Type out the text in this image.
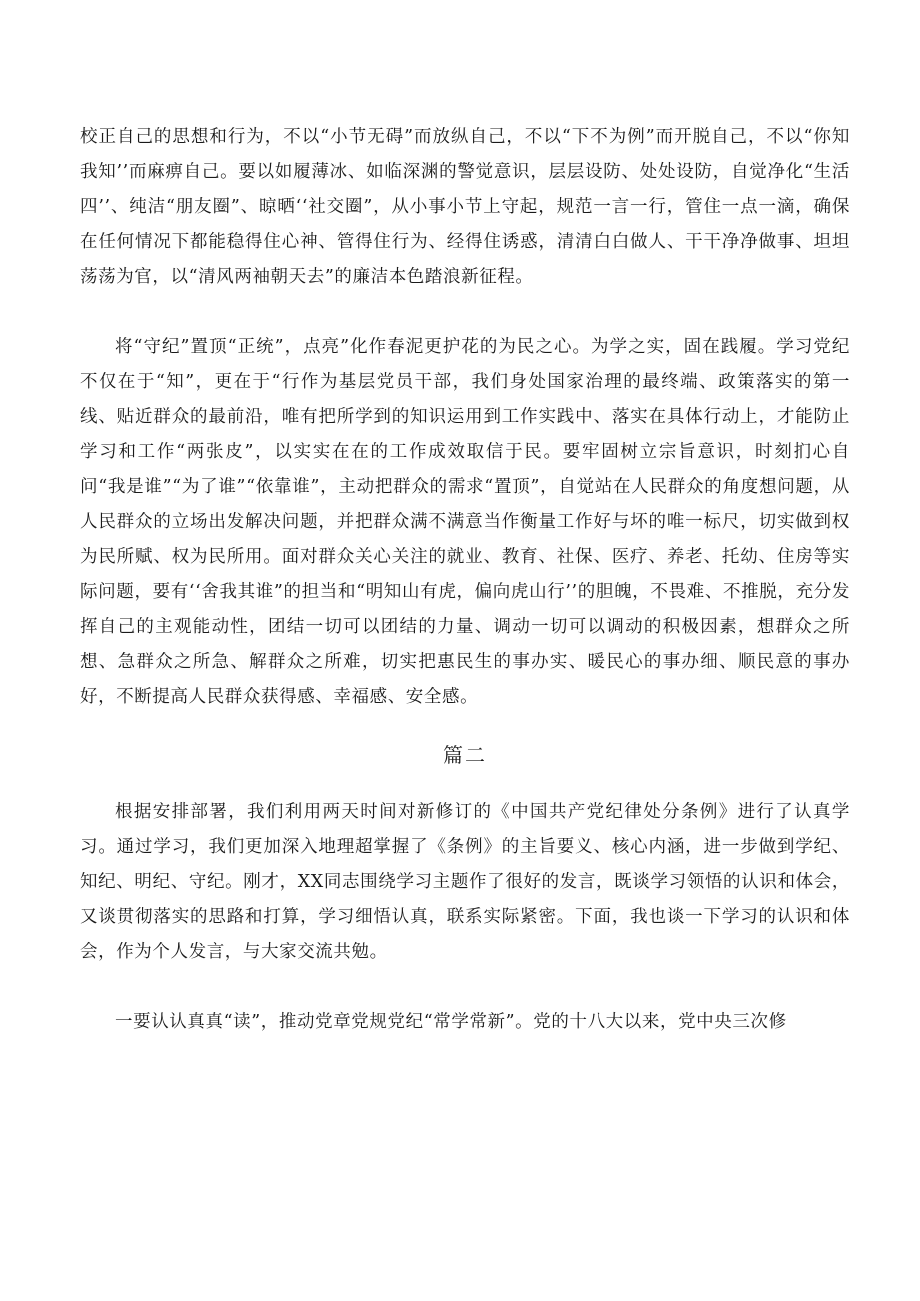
校正自己的思想和行为，不以“小节无碍”而放纵自己，不以“下不为例”而开脱自己，不以“你知我知’’而麻痹自己。要以如履薄冰、如临深渊的警觉意识，层层设防、处处设防，自觉净化“生活四’’、纯洁“朋友圈”、晾晒‘‘社交圈”，从小事小节上守起，规范一言一行，管住一点一滴，确保在任何情况下都能稳得住心神、管得住行为、经得住诱惑，清清白白做人、干干净净做事、坦坦荡荡为官，以“清风两袖朝天去”的廉洁本色踏浪新征程。

将“守纪”置顶“正统”，点亮”化作春泥更护花的为民之心。为学之实，固在践履。学习党纪不仅在于“知”，更在于“行作为基层党员干部，我们身处国家治理的最终端、政策落实的第一线、贴近群众的最前沿，唯有把所学到的知识运用到工作实践中、落实在具体行动上，才能防止学习和工作“两张皮”，以实实在在的工作成效取信于民。要牢固树立宗旨意识，时刻扪心自问“我是谁”“为了谁”“依靠谁”，主动把群众的需求“置顶”，自觉站在人民群众的角度想问题，从人民群众的立场出发解决问题，并把群众满不满意当作衡量工作好与坏的唯一标尺，切实做到权为民所赋、权为民所用。面对群众关心关注的就业、教育、社保、医疗、养老、托幼、住房等实际问题，要有‘‘舍我其谁”的担当和“明知山有虎，偏向虎山行’’的胆魄，不畏难、不推脱，充分发挥自己的主观能动性，团结一切可以团结的力量、调动一切可以调动的积极因素，想群众之所想、急群众之所急、解群众之所难，切实把惠民生的事办实、暖民心的事办细、顺民意的事办好，不断提高人民群众获得感、幸福感、安全感。

篇二

根据安排部署，我们利用两天时间对新修订的《中国共产党纪律处分条例》进行了认真学习。通过学习，我们更加深入地理超掌握了《条例》的主旨要义、核心内涵，进一步做到学纪、知纪、明纪、守纪。刚才，XX同志围绕学习主题作了很好的发言，既谈学习领悟的认识和体会，又谈贯彻落实的思路和打算，学习细悟认真，联系实际紧密。下面，我也谈一下学习的认识和体会，作为个人发言，与大家交流共勉。

一要认认真真“读”，推动党章党规党纪“常学常新”。党的十八大以来，党中央三次修
